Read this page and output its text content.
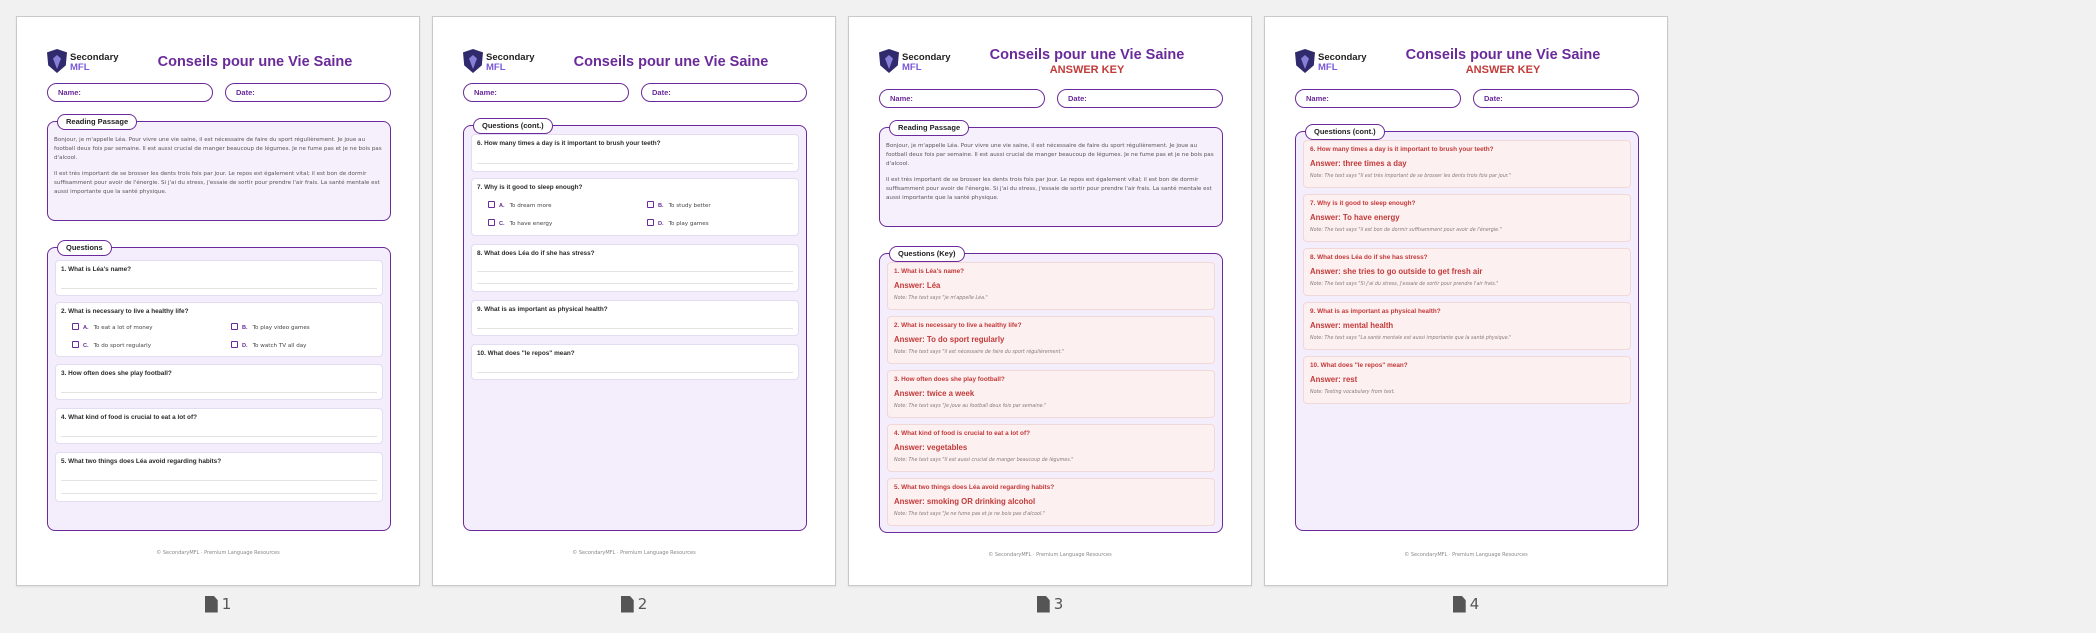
Secondary
MFL	Conseils pour une Vie Saine
Name:	Date:
Reading Passage

Bonjour, je m'appelle Léa. Pour vivre une vie saine, il est nécessaire de faire du sport régulièrement. Je joue au football deux fois par semaine. Il est aussi crucial de manger beaucoup de légumes. Je ne fume pas et je ne bois pas d'alcool.

Il est très important de se brosser les dents trois fois par jour. Le repos est également vital; il est bon de dormir suffisamment pour avoir de l'énergie. Si j'ai du stress, j'essaie de sortir pour prendre l'air frais. La santé mentale est aussi importante que la santé physique.

Questions
1. What is Léa's name?
2. What is necessary to live a healthy life?
A. To eat a lot of money	B. To play video games
C. To do sport regularly	D. To watch TV all day
3. How often does she play football?
4. What kind of food is crucial to eat a lot of?
5. What two things does Léa avoid regarding habits?
© SecondaryMFL · Premium Language Resources
1
Secondary
MFL	Conseils pour une Vie Saine
Name:	Date:
Questions (cont.)
6. How many times a day is it important to brush your teeth?
7. Why is it good to sleep enough?
A. To dream more	B. To study better
C. To have energy	D. To play games
8. What does Léa do if she has stress?
9. What is as important as physical health?
10. What does "le repos" mean?
© SecondaryMFL · Premium Language Resources
2
Secondary
MFL
Conseils pour une Vie Saine
ANSWER KEY
Name:	Date:
Reading Passage

Bonjour, je m'appelle Léa. Pour vivre une vie saine, il est nécessaire de faire du sport régulièrement. Je joue au football deux fois par semaine. Il est aussi crucial de manger beaucoup de légumes. Je ne fume pas et je ne bois pas d'alcool.

Il est très important de se brosser les dents trois fois par jour. Le repos est également vital; il est bon de dormir suffisamment pour avoir de l'énergie. Si j'ai du stress, j'essaie de sortir pour prendre l'air frais. La santé mentale est aussi importante que la santé physique.

Questions (Key)
1. What is Léa's name?
Answer: Léa
Note: The text says "je m'appelle Léa."
2. What is necessary to live a healthy life?
Answer: To do sport regularly
Note: The text says "il est nécessaire de faire du sport régulièrement."
3. How often does she play football?
Answer: twice a week
Note: The text says "Je joue au football deux fois par semaine."
4. What kind of food is crucial to eat a lot of?
Answer: vegetables
Note: The text says "Il est aussi crucial de manger beaucoup de légumes."
5. What two things does Léa avoid regarding habits?
Answer: smoking OR drinking alcohol
Note: The text says "Je ne fume pas et je ne bois pas d'alcool."
© SecondaryMFL · Premium Language Resources
3
Secondary
MFL
Conseils pour une Vie Saine
ANSWER KEY
Name:	Date:
Questions (cont.)
6. How many times a day is it important to brush your teeth?
Answer: three times a day
Note: The text says "Il est très important de se brosser les dents trois fois par jour."
7. Why is it good to sleep enough?
Answer: To have energy
Note: The text says "il est bon de dormir suffisamment pour avoir de l'énergie."
8. What does Léa do if she has stress?
Answer: she tries to go outside to get fresh air
Note: The text says "Si j'ai du stress, j'essaie de sortir pour prendre l'air frais."
9. What is as important as physical health?
Answer: mental health
Note: The text says "La santé mentale est aussi importante que la santé physique."
10. What does "le repos" mean?
Answer: rest
Note: Testing vocabulary from text.
© SecondaryMFL · Premium Language Resources
4
